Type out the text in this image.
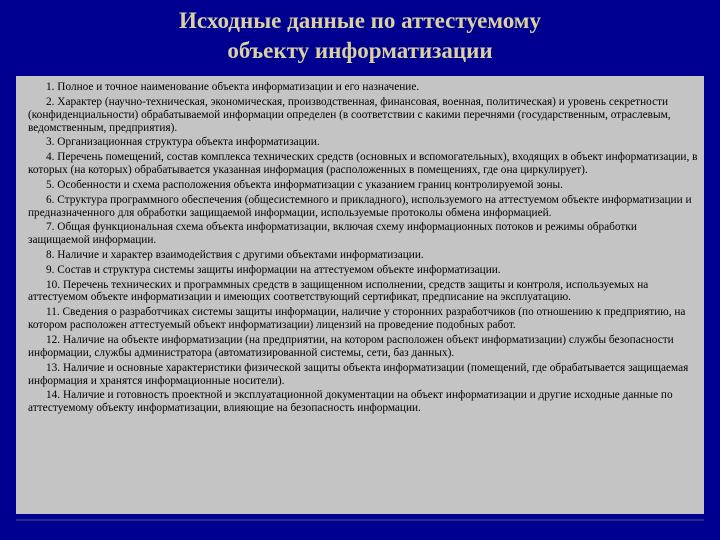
Исходные данные по аттестуемому
объекту информатизации

1. Полное и точное наименование объекта информатизации и его назначение.

2. Характер (научно-техническая, экономическая, производственная, финансовая, военная, политическая) и уровень секретности (конфиденциальности) обрабатываемой информации определен (в соответствии с какими перечнями (государственным, отраслевым, ведомственным, предприятия).

3. Организационная структура объекта информатизации.

4. Перечень помещений, состав комплекса технических средств (основных и вспомогательных), входящих в объект информатизации, в которых (на которых) обрабатывается указанная информация (расположенных в помещениях, где она циркулирует).

5. Особенности и схема расположения объекта информатизации с указанием границ контролируемой зоны.

6. Структура программного обеспечения (общесистемного и прикладного), используемого на аттестуемом объекте информатизации и предназначенного для обработки защищаемой информации, используемые протоколы обмена информацией.

7. Общая функциональная схема объекта информатизации, включая схему информационных потоков и режимы обработки защищаемой информации.

8. Наличие и характер взаимодействия с другими объектами информатизации.

9. Состав и структура системы защиты информации на аттестуемом объекте информатизации.

10. Перечень технических и программных средств в защищенном исполнении, средств защиты и контроля, используемых на аттестуемом объекте информатизации и имеющих соответствующий сертификат, предписание на эксплуатацию.

11. Сведения о разработчиках системы защиты информации, наличие у сторонних разработчиков (по отношению к предприятию, на котором расположен аттестуемый объект информатизации) лицензий на проведение подобных работ.

12. Наличие на объекте информатизации (на предприятии, на котором расположен объект информатизации) службы безопасности информации, службы администратора (автоматизированной системы, сети, баз данных).

13. Наличие и основные характеристики физической защиты объекта информатизации (помещений, где обрабатывается защищаемая информация и хранятся информационные носители).

14. Наличие и готовность проектной и эксплуатационной документации на объект информатизации и другие исходные данные по аттестуемому объекту информатизации, влияющие на безопасность информации.
